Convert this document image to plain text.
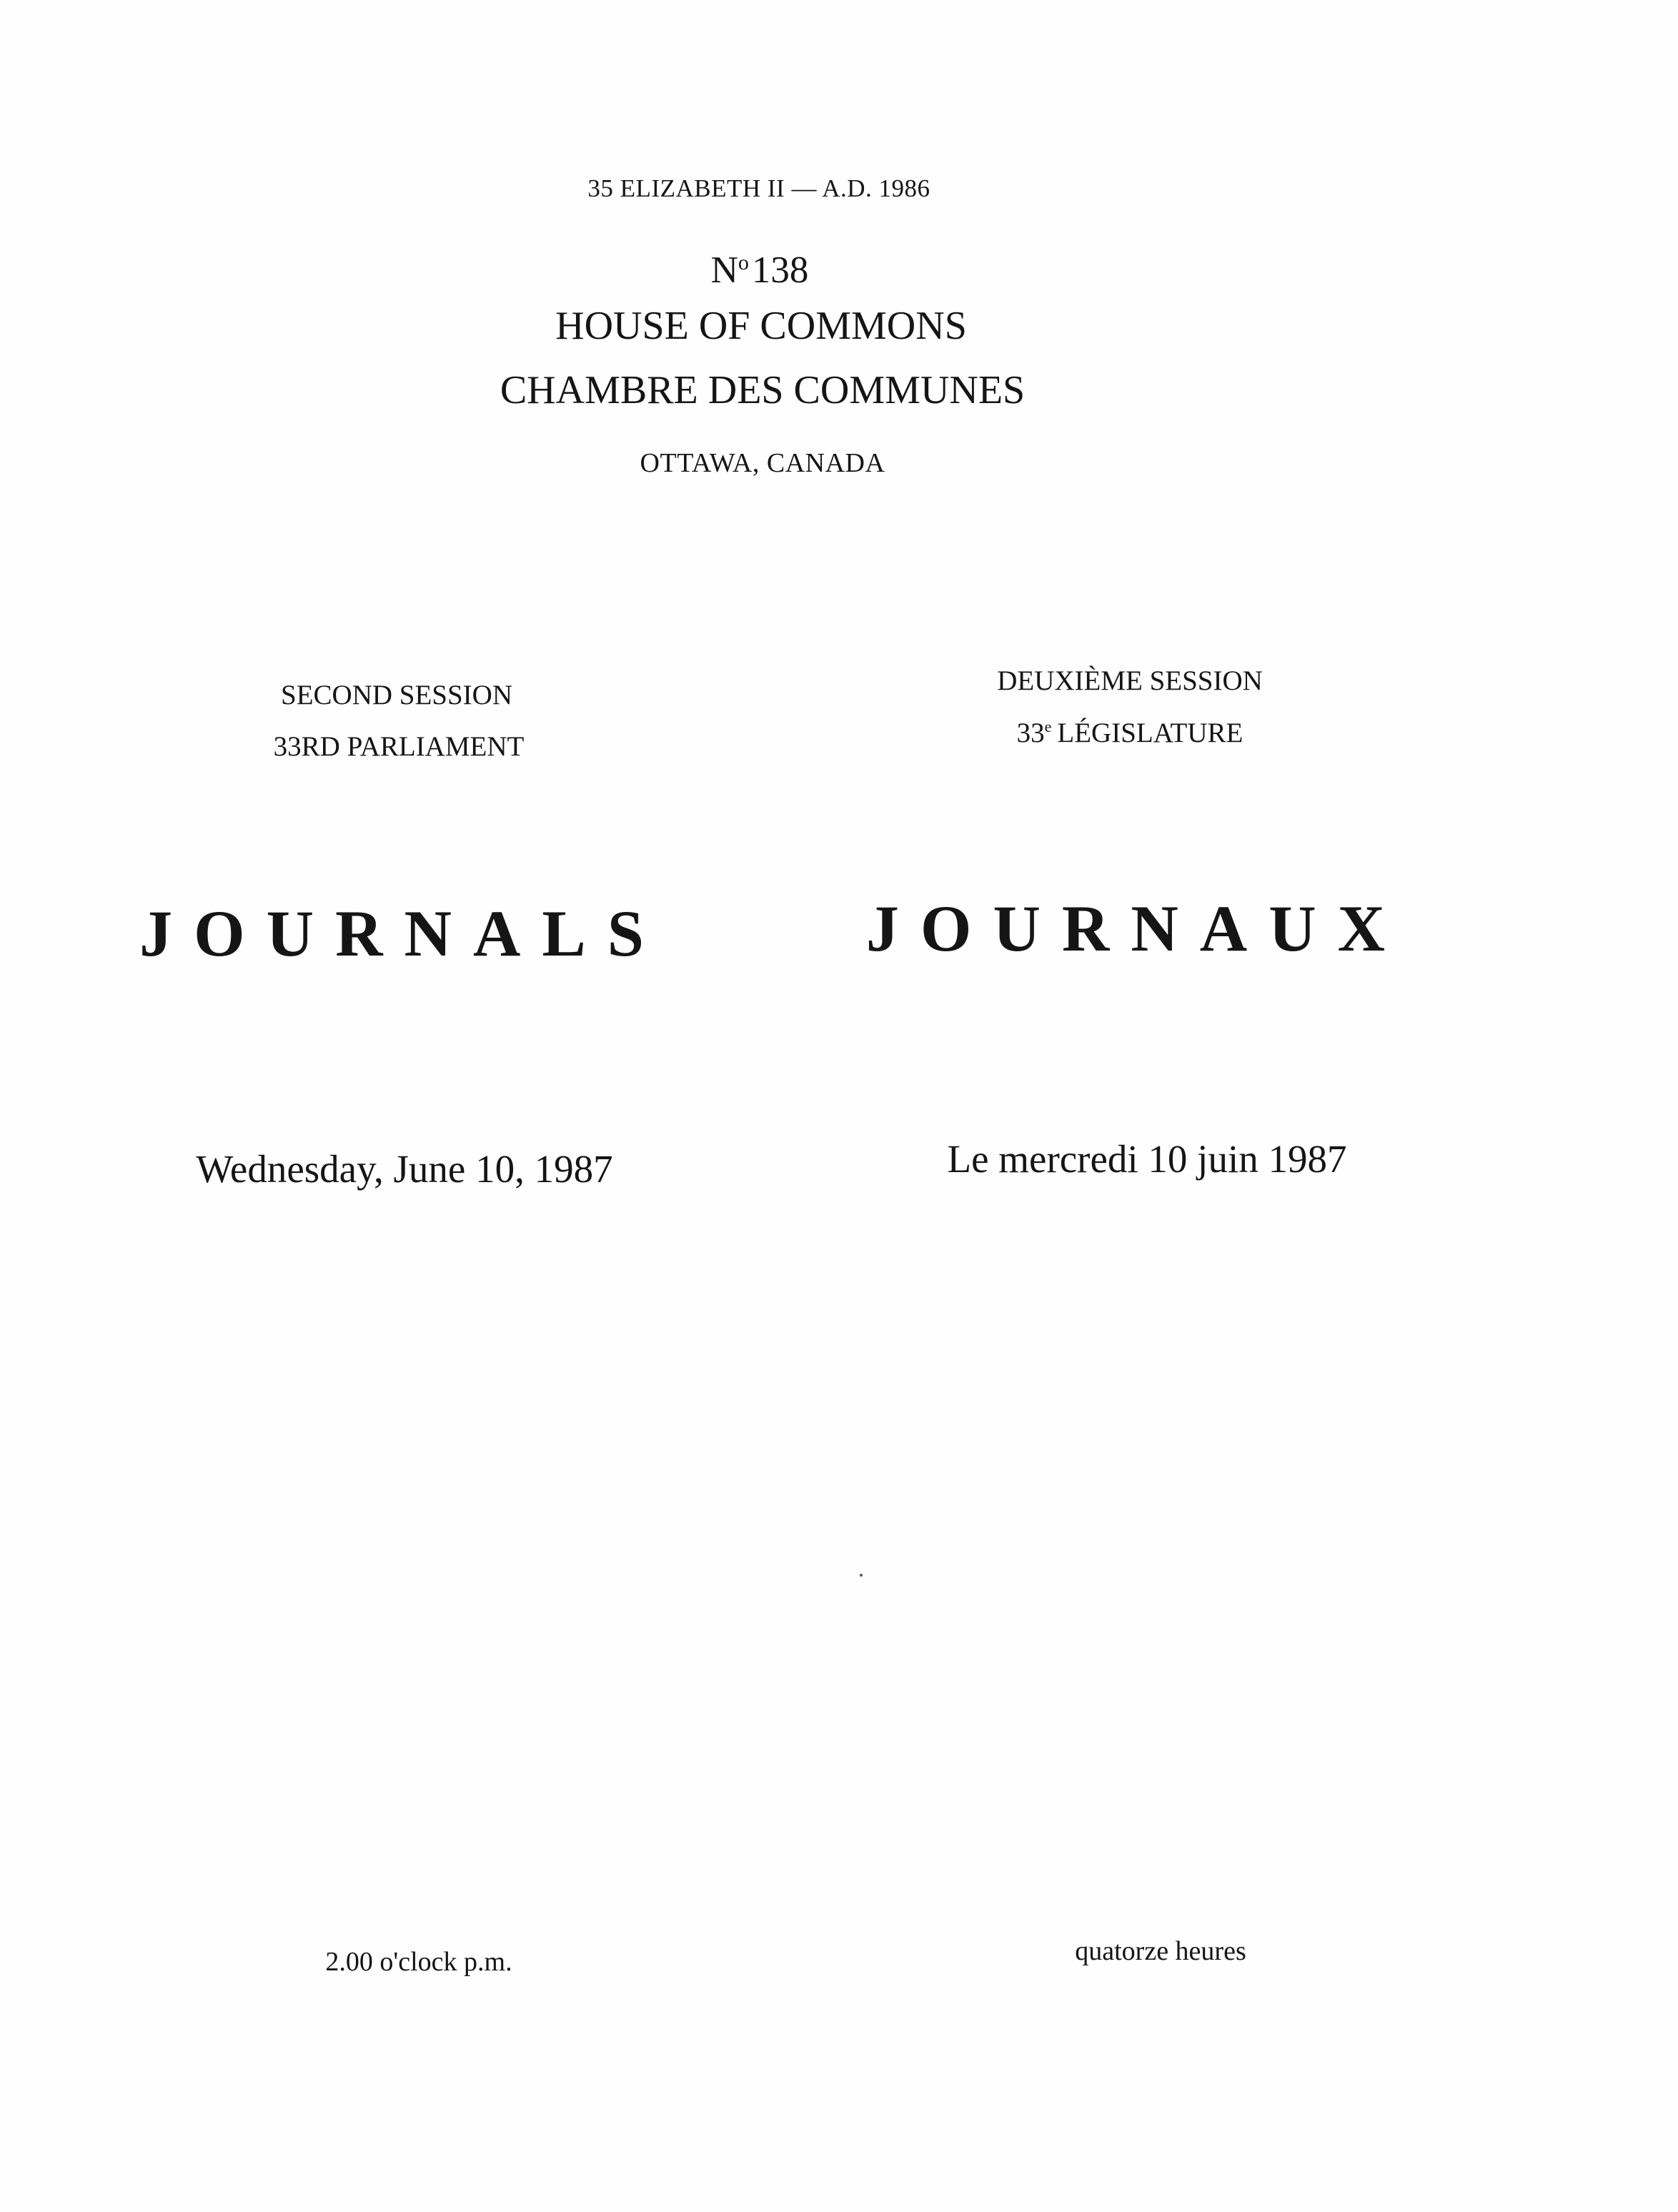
35 ELIZABETH II — A.D. 1986
$N^o138$
HOUSE OF COMMONS
CHAMBRE DES COMMUNES
OTTAWA, CANADA
SECOND SESSION
33RD PARLIAMENT
DEUXIÈME SESSION
33e LÉGISLATURE
JOURNALS	JOURNAUX
Wednesday, June 10, 1987	Le mercredi 10 juin 1987
2.00 o'clock p.m.	quatorze heures
